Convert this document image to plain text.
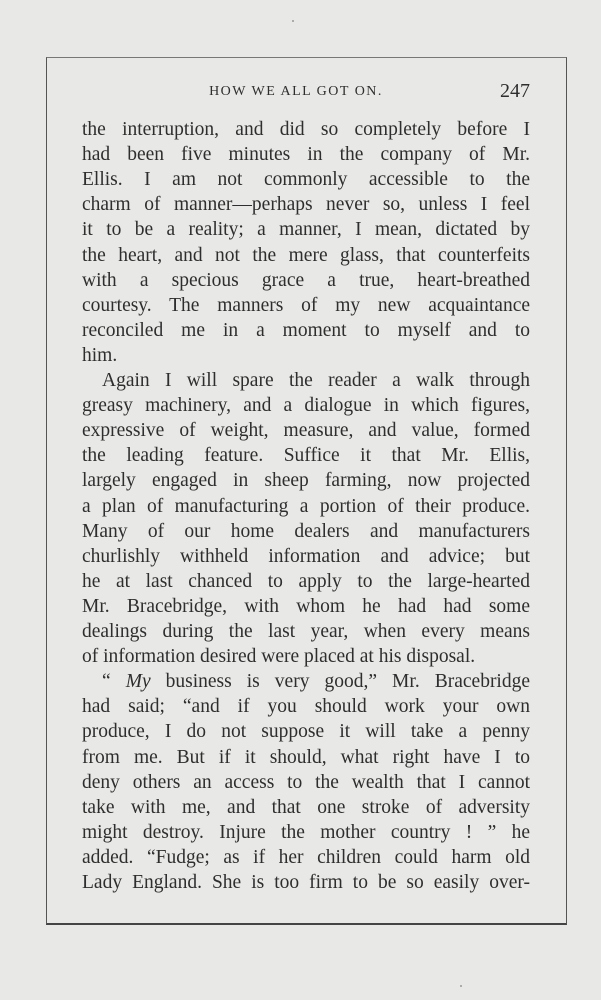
HOW WE ALL GOT ON.	247
the interruption, and did so completely before I
had been five minutes in the company of Mr.
Ellis. I am not commonly accessible to the
charm of manner—perhaps never so, unless I feel
it to be a reality; a manner, I mean, dictated by
the heart, and not the mere glass, that counterfeits
with a specious grace a true, heart-breathed
courtesy. The manners of my new acquaintance
reconciled me in a moment to myself and to
him.
Again I will spare the reader a walk through
greasy machinery, and a dialogue in which figures,
expressive of weight, measure, and value, formed
the leading feature. Suffice it that Mr. Ellis,
largely engaged in sheep farming, now projected
a plan of manufacturing a portion of their produce.
Many of our home dealers and manufacturers
churlishly withheld information and advice; but
he at last chanced to apply to the large-hearted
Mr. Bracebridge, with whom he had had some
dealings during the last year, when every means
of information desired were placed at his disposal.
“ My business is very good,” Mr. Bracebridge
had said; “and if you should work your own
produce, I do not suppose it will take a penny
from me. But if it should, what right have I to
deny others an access to the wealth that I cannot
take with me, and that one stroke of adversity
might destroy. Injure the mother country ! ” he
added. “Fudge; as if her children could harm old
Lady England. She is too firm to be so easily over-
